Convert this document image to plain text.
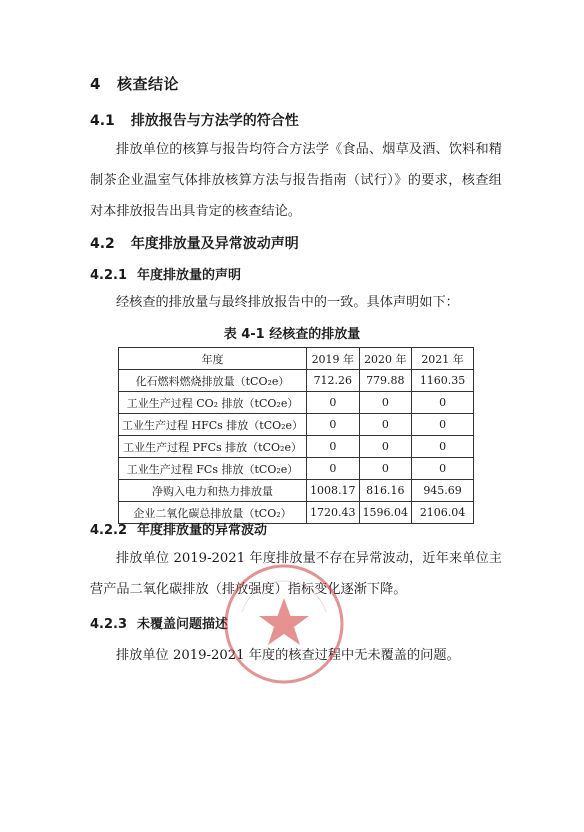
4 核查结论
4.1 排放报告与方法学的符合性
排放单位的核算与报告均符合方法学《食品、烟草及酒、饮料和精制茶企业温室气体排放核算方法与报告指南（试行）》的要求，核查组对本排放报告出具肯定的核查结论。
4.2 年度排放量及异常波动声明
4.2.1 年度排放量的声明
经核查的排放量与最终排放报告中的一致。具体声明如下：
表 4-1 经核查的排放量
年度	2019 年	2020 年	2021 年
化石燃料燃烧排放量（tCO₂e）	712.26	779.88	1160.35
工业生产过程 CO₂ 排放（tCO₂e）	0	0	0
工业生产过程 HFCs 排放（tCO₂e）	0	0	0
工业生产过程 PFCs 排放（tCO₂e）	0	0	0
工业生产过程 FCs 排放（tCO₂e）	0	0	0
净购入电力和热力排放量	1008.17	816.16	945.69
企业二氧化碳总排放量（tCO₂）	1720.43	1596.04	2106.04
4.2.2 年度排放量的异常波动
排放单位 2019-2021 年度排放量不存在异常波动，近年来单位主营产品二氧化碳排放（排放强度）指标变化逐渐下降。
4.2.3 未覆盖问题描述
排放单位 2019-2021 年度的核查过程中无未覆盖的问题。
